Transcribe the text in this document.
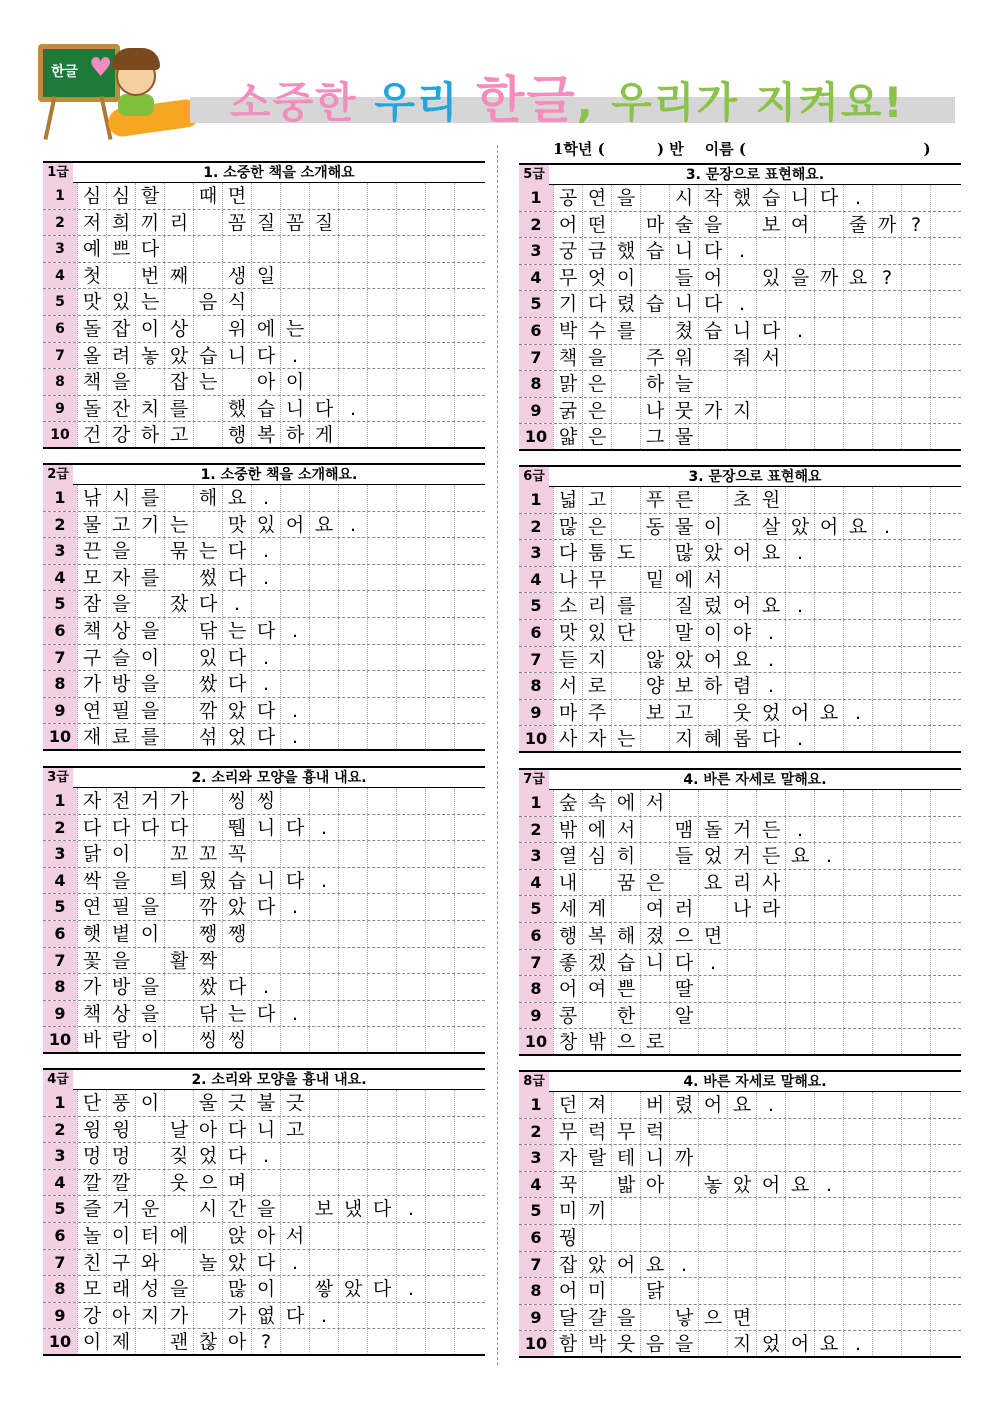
한글 ♥
소중한 우리 한글, 우리가 지켜요!
1학년 (          ) 반    이름 (                                  )
1급	1. 소중한 책을 소개해요
1 심 심 할	때 면
2 저 희 끼 리	꼼 질 꼼 질
3 예 쁘 다
4 첫	번 째	생 일
5 맛 있 는	음 식
6 돌 잡 이 상	위 에 는
7 올 려 놓 았 습 니 다 .
8 책 을	잡 는	아 이
9 돌 잔 치 를	했 습 니 다 .
10 건 강 하 고	행 복 하 게
2급	1. 소중한 책을 소개해요.
1 낚 시 를	해 요 .
2 물 고 기 는	맛 있 어 요 .
3 끈 을	묶 는 다 .
4 모 자 를	썼 다 .
5 잠 을	잤 다 .
6 책 상 을	닦 는 다 .
7 구 슬 이	있 다 .
8 가 방 을	쌌 다 .
9 연 필 을	깎 았 다 .
10 재 료 를	섞 었 다 .
3급	2. 소리와 모양을 흉내 내요.
1 자 전 거 가	씽 씽
2 다 다 다 다	뛥 니 다 .
3 닭 이	꼬 꼬 꼭
4 싹 을	틔 웠 습 니 다 .
5 연 필 을	깎 았 다 .
6 햇 볕 이	쨍 쨍
7 꽃 을	활 짝
8 가 방 을	쌌 다 .
9 책 상 을	닦 는 다 .
10 바 람 이	씽 씽
4급	2. 소리와 모양을 흉내 내요.
1 단 풍 이	울 긋 불 긋
2 윙 윙	날 아 다 니 고
3 멍 멍	짖 었 다 .
4 깔 깔	웃 으 며
5 즐 거 운	시 간 을	보 냈 다 .
6 놀 이 터 에	앉 아 서
7 친 구 와	놀 았 다 .
8 모 래 성 을	많 이	쌓 았 다 .
9 강 아 지 가	가 엾 다 .
10 이 제	괜 찮 아 ?
5급	3. 문장으로 표현해요.
1 공 연 을	시 작 했 습 니 다 .
2 어 떤	마 술 을	보 여	줄 까 ?
3 궁 금 했 습 니 다 .
4 무 엇 이	들 어	있 을 까 요 ?
5 기 다 렸 습 니 다 .
6 박 수 를	쳤 습 니 다 .
7 책 을	주 워	줘 서
8 맑 은	하 늘
9 굵 은	나 뭇 가 지
10 얇 은	그 물
6급	3. 문장으로 표현해요
1 넓 고	푸 른	초 원
2 많 은	동 물 이	살 았 어 요 .
3 다 툼 도	많 았 어 요 .
4 나 무	밑 에 서
5 소 리 를	질 렀 어 요 .
6 맛 있 단	말 이 야 .
7 듣 지	않 았 어 요 .
8 서 로	양 보 하 렴 .
9 마 주	보 고	웃 었 어 요 .
10 사 자 는	지 혜 롭 다 .
7급	4. 바른 자세로 말해요.
1 숲 속 에 서
2 밖 에 서	맴 돌 거 든 .
3 열 심 히	들 었 거 든 요 .
4 내	꿈 은	요 리 사
5 세 계	여 러	나 라
6 행 복 해 졌 으 면
7 좋 겠 습 니 다 .
8 어 여 쁜	딸
9 콩	한	알
10 창 밖 으 로
8급	4. 바른 자세로 말해요.
1 던 져	버 렸 어 요 .
2 무 럭 무 럭
3 자 랄 테 니 까
4 꾹	밟 아	놓 았 어 요 .
5 미 끼
6 꿩
7 잡 았 어 요 .
8 어 미	닭
9 달 걀 을	낳 으 면
10 함 박 웃 음 을	지 었 어 요 .
